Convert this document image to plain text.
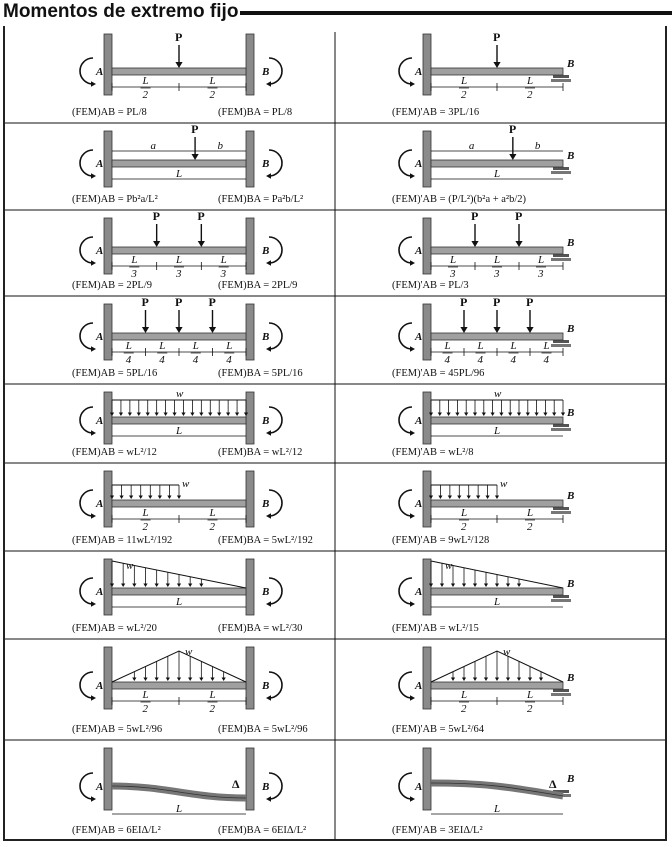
Momentos de extremo fijo
A	B
P
L
2
L
2
(FEM)AB = PL/8	(FEM)BA = PL/8
A
B
P
L
2
L
2
(FEM)'AB = 3PL/16
A	B
P
a	b
L
(FEM)AB = Pb²a/L²	(FEM)BA = Pa²b/L²
A
B
P
a	b
L
(FEM)'AB = (P/L²)(b²a + a²b/2)
A	B
P	P
L
3
L
3
L
3
(FEM)AB = 2PL/9	(FEM)BA = 2PL/9
A
B
P	P
L
3
L
3
L
3
(FEM)'AB = PL/3
A	B
P P P
L
4
L
4
L
4
L
4
(FEM)AB = 5PL/16	(FEM)BA = 5PL/16
A
B
P P P
L
4
L
4
L
4
L
4
(FEM)'AB = 45PL/96
A	B
w
L
(FEM)AB = wL²/12	(FEM)BA = wL²/12
A
B
w
L
(FEM)'AB = wL²/8
A	B
w
L
2
L
2
(FEM)AB = 11wL²/192	(FEM)BA = 5wL²/192
A
B
w
L
2
L
2
(FEM)'AB = 9wL²/128
A	B
w
L
(FEM)AB = wL²/20	(FEM)BA = wL²/30
A
B
w
L
(FEM)'AB = wL²/15
A	B
w
L
2
L
2
(FEM)AB = 5wL²/96	(FEM)BA = 5wL²/96
A
B
w
L
2
L
2
(FEM)'AB = 5wL²/64
A	B
Δ
L
(FEM)AB = 6EIΔ/L²	(FEM)BA = 6EIΔ/L²
A
B
Δ
L
(FEM)'AB = 3EIΔ/L²
